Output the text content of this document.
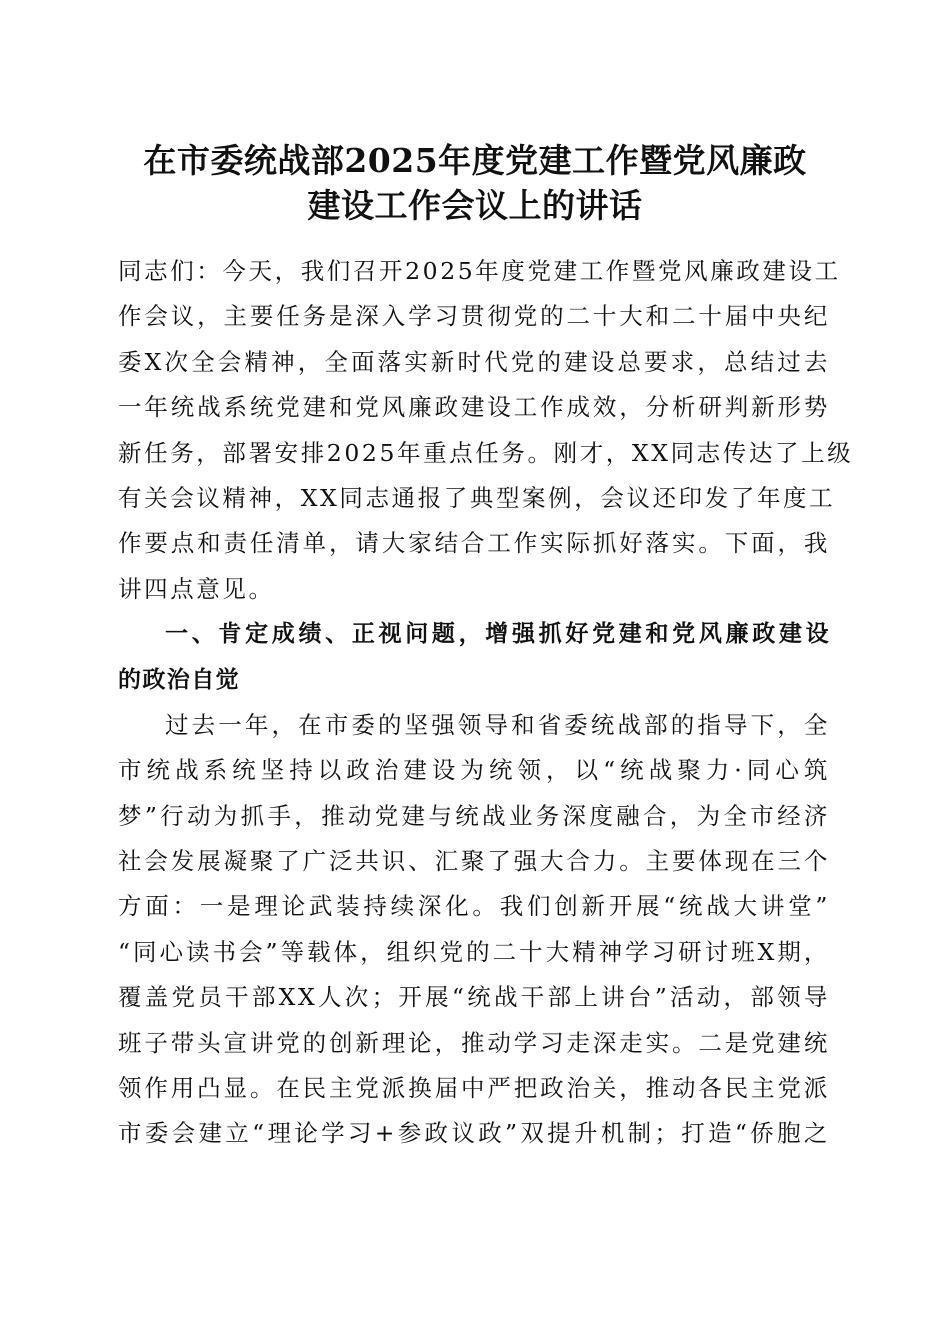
在市委统战部2025年度党建工作暨党风廉政
建设工作会议上的讲话
同志们：今天，我们召开2025年度党建工作暨党风廉政建设工
作会议，主要任务是深入学习贯彻党的二十大和二十届中央纪
委X次全会精神，全面落实新时代党的建设总要求，总结过去
一年统战系统党建和党风廉政建设工作成效，分析研判新形势
新任务，部署安排2025年重点任务。刚才，XX同志传达了上级
有关会议精神，XX同志通报了典型案例，会议还印发了年度工
作要点和责任清单，请大家结合工作实际抓好落实。下面，我
讲四点意见。
一、肯定成绩、正视问题，增强抓好党建和党风廉政建设
的政治自觉
过去一年，在市委的坚强领导和省委统战部的指导下，全
市统战系统坚持以政治建设为统领，以“统战聚力·同心筑
梦”行动为抓手，推动党建与统战业务深度融合，为全市经济
社会发展凝聚了广泛共识、汇聚了强大合力。主要体现在三个
方面：一是理论武装持续深化。我们创新开展“统战大讲堂”
“同心读书会”等载体，组织党的二十大精神学习研讨班X期，
覆盖党员干部XX人次；开展“统战干部上讲台”活动，部领导
班子带头宣讲党的创新理论，推动学习走深走实。二是党建统
领作用凸显。在民主党派换届中严把政治关，推动各民主党派
市委会建立“理论学习+参政议政”双提升机制；打造“侨胞之
